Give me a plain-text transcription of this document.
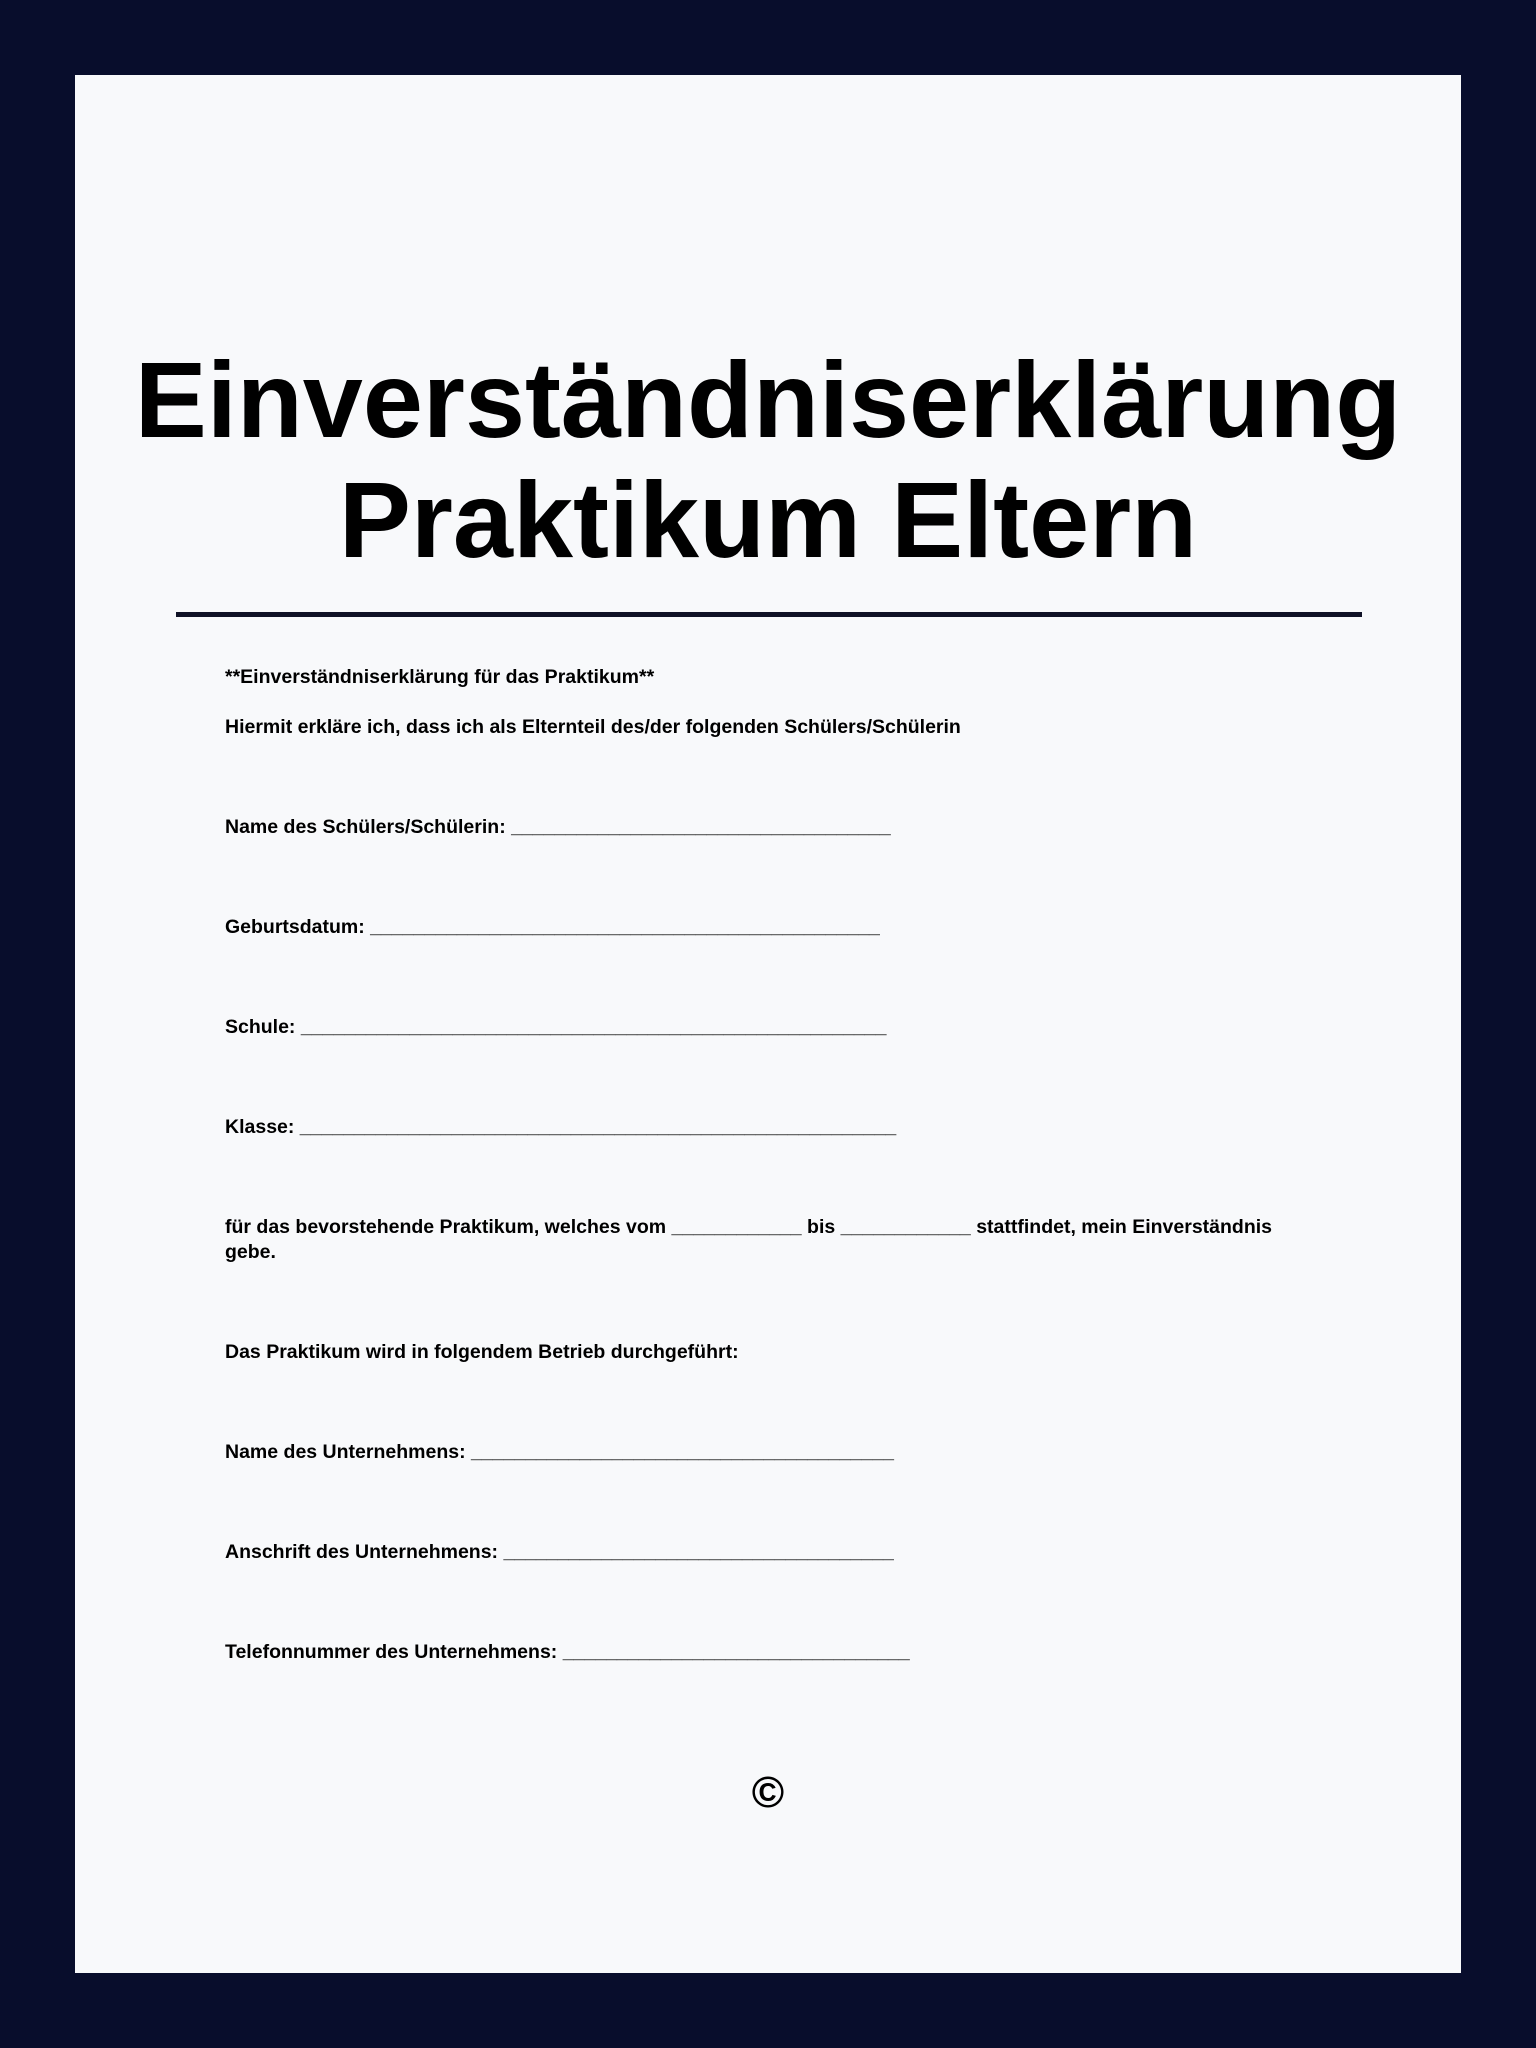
Einverständniserklärung
Praktikum Eltern

**Einverständniserklärung für das Praktikum**

Hiermit erkläre ich, dass ich als Elternteil des/der folgenden Schülers/Schülerin

Name des Schülers/Schülerin: ___________________________________

Geburtsdatum: _______________________________________________

Schule: ______________________________________________________

Klasse: _______________________________________________________

für das bevorstehende Praktikum, welches vom ____________ bis ____________ stattfindet, mein Einverständnis gebe.

Das Praktikum wird in folgendem Betrieb durchgeführt:

Name des Unternehmens: _______________________________________

Anschrift des Unternehmens: ____________________________________

Telefonnummer des Unternehmens: ________________________________

©
